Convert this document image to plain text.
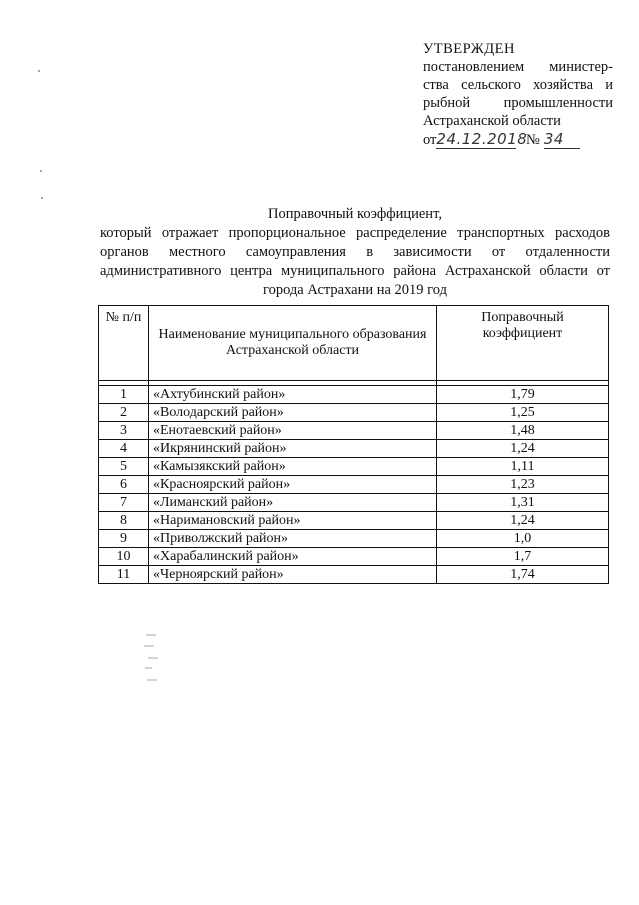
УТВЕРЖДЕН
постановлением министер-
ства сельского хозяйства и
рыбной промышленности
Астраханской области
от24.12.2018 № 34
Поправочный коэффициент,
который отражает пропорциональное распределение транспортных расходов органов местного самоуправления в зависимости от отдаленности административного центра муниципального района Астраханской области от города Астрахани на 2019 год
№ п/п	Наименование муниципального образования Астраханской области	Поправочный коэффициент

1	«Ахтубинский район»	1,79
2	«Володарский район»	1,25
3	«Енотаевский район»	1,48
4	«Икрянинский район»	1,24
5	«Камызякский район»	1,11
6	«Красноярский район»	1,23
7	«Лиманский район»	1,31
8	«Наримановский район»	1,24
9	«Приволжский район»	1,0
10	«Харабалинский район»	1,7
11	«Черноярский район»	1,74
